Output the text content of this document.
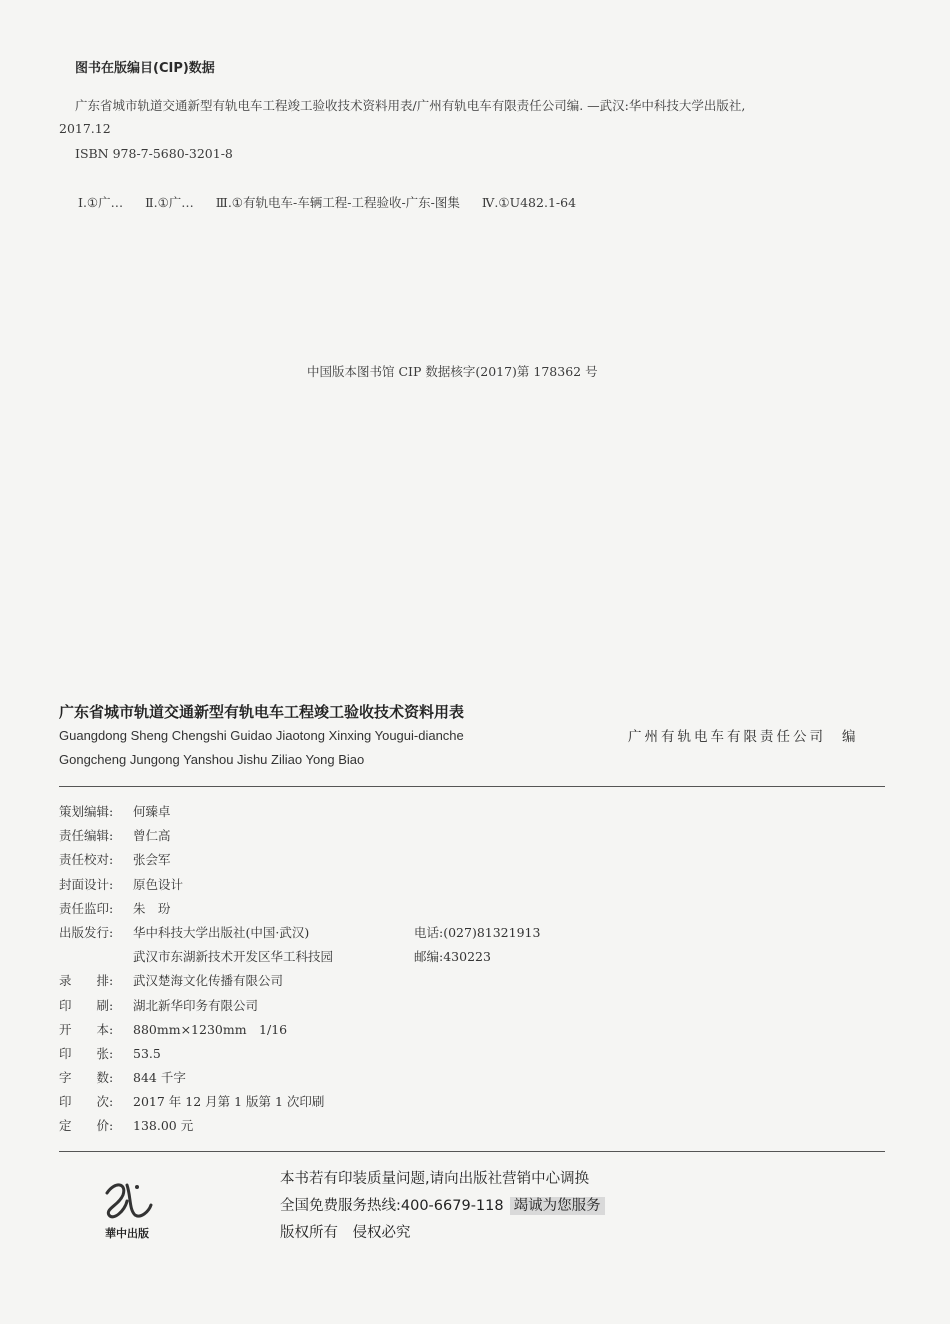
图书在版编目(CIP)数据
广东省城市轨道交通新型有轨电车工程竣工验收技术资料用表/广州有轨电车有限责任公司编. —武汉:华中科技大学出版社,
2017.12
ISBN 978-7-5680-3201-8
Ⅰ.①广… Ⅱ.①广… Ⅲ.①有轨电车-车辆工程-工程验收-广东-图集 Ⅳ.①U482.1-64
中国版本图书馆 CIP 数据核字(2017)第 178362 号
广东省城市轨道交通新型有轨电车工程竣工验收技术资料用表
Guangdong Sheng Chengshi Guidao Jiaotong Xinxing Yougui-dianche
Gongcheng Jungong Yanshou Jishu Ziliao Yong Biao
广州有轨电车有限责任公司 编
策划编辑: 何臻卓
责任编辑: 曾仁高
责任校对: 张会军
封面设计: 原色设计
责任监印: 朱　玢
出版发行: 华中科技大学出版社(中国·武汉)	电话:(027)81321913
武汉市东湖新技术开发区华工科技园	邮编:430223
录　　排: 武汉楚海文化传播有限公司
印　　刷: 湖北新华印务有限公司
开　　本: 880mm×1230mm　1/16
印　　张: 53.5
字　　数: 844 千字
印　　次: 2017 年 12 月第 1 版第 1 次印刷
定　　价: 138.00 元
華中出版
本书若有印装质量问题,请向出版社营销中心调换
全国免费服务热线:400-6679-118 竭诚为您服务
版权所有　侵权必究
